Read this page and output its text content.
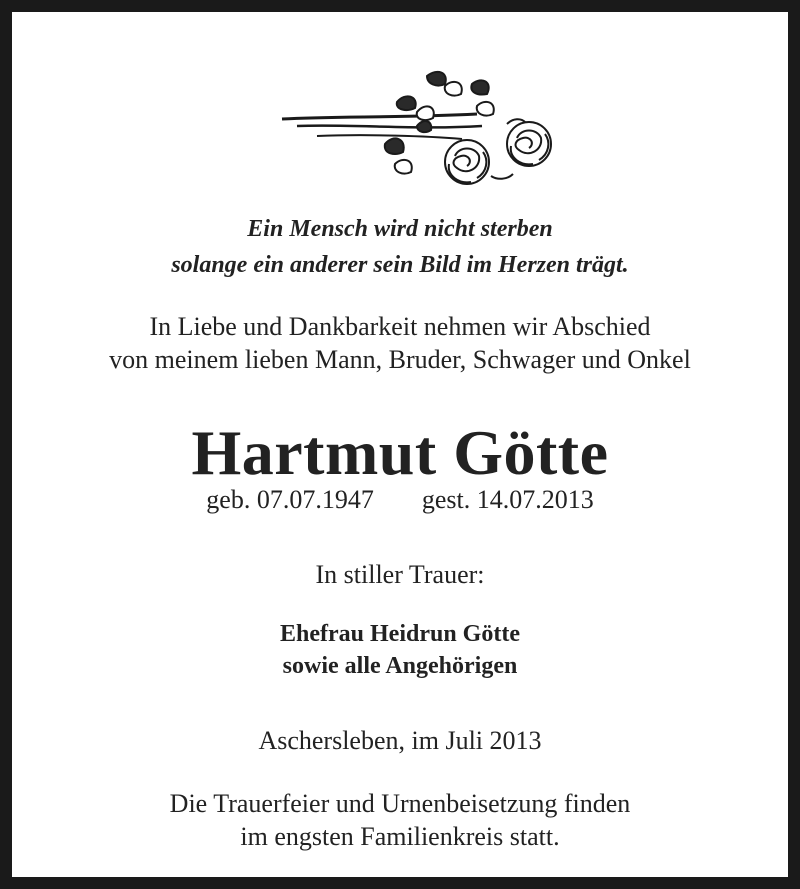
Ein Mensch wird nicht sterben
solange ein anderer sein Bild im Herzen trägt.
In Liebe und Dankbarkeit nehmen wir Abschied
von meinem lieben Mann, Bruder, Schwager und Onkel
Hartmut Götte
geb. 07.07.1947 gest. 14.07.2013
In stiller Trauer:
Ehefrau Heidrun Götte
sowie alle Angehörigen
Aschersleben, im Juli 2013
Die Trauerfeier und Urnenbeisetzung finden
im engsten Familienkreis statt.
